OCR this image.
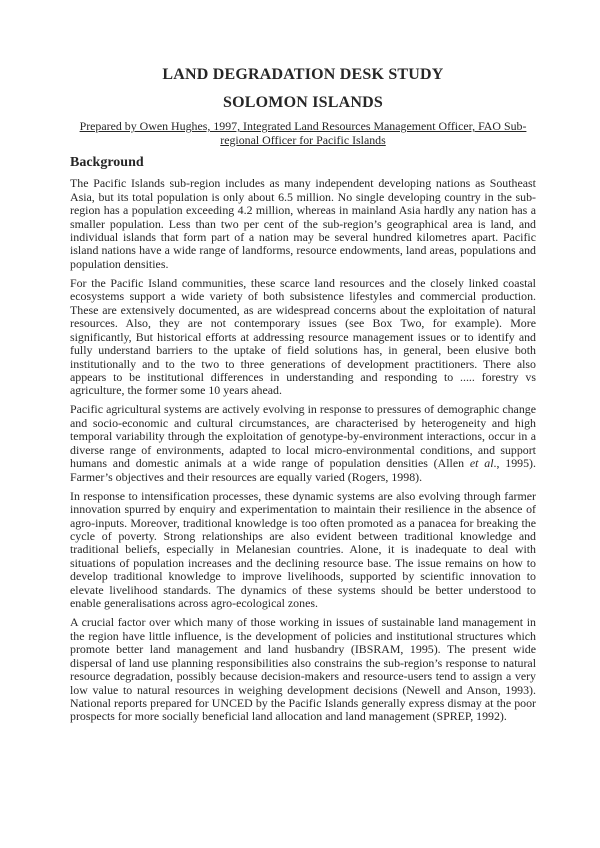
LAND DEGRADATION DESK STUDY
SOLOMON ISLANDS
Prepared by Owen Hughes, 1997, Integrated Land Resources Management Officer, FAO Sub-regional Officer for Pacific Islands
Background

The Pacific Islands sub-region includes as many independent developing nations as Southeast Asia, but its total population is only about 6.5 million. No single developing country in the sub-region has a population exceeding 4.2 million, whereas in mainland Asia hardly any nation has a smaller population. Less than two per cent of the sub-region’s geographical area is land, and individual islands that form part of a nation may be several hundred kilometres apart. Pacific island nations have a wide range of landforms, resource endowments, land areas, populations and population densities.

For the Pacific Island communities, these scarce land resources and the closely linked coastal ecosystems support a wide variety of both subsistence lifestyles and commercial production. These are extensively documented, as are widespread concerns about the exploitation of natural resources. Also, they are not contemporary issues (see Box Two, for example). More significantly, But historical efforts at addressing resource management issues or to identify and fully understand barriers to the uptake of field solutions has, in general, been elusive both institutionally and to the two to three generations of development practitioners. There also appears to be institutional differences in understanding and responding to ..... forestry vs agriculture, the former some 10 years ahead.

Pacific agricultural systems are actively evolving in response to pressures of demographic change and socio-economic and cultural circumstances, are characterised by heterogeneity and high temporal variability through the exploitation of genotype-by-environment interactions, occur in a diverse range of environments, adapted to local micro-environmental conditions, and support humans and domestic animals at a wide range of population densities (Allen et al., 1995). Farmer’s objectives and their resources are equally varied (Rogers, 1998).

In response to intensification processes, these dynamic systems are also evolving through farmer innovation spurred by enquiry and experimentation to maintain their resilience in the absence of agro-inputs. Moreover, traditional knowledge is too often promoted as a panacea for breaking the cycle of poverty. Strong relationships are also evident between traditional knowledge and traditional beliefs, especially in Melanesian countries. Alone, it is inadequate to deal with situations of population increases and the declining resource base. The issue remains on how to develop traditional knowledge to improve livelihoods, supported by scientific innovation to elevate livelihood standards. The dynamics of these systems should be better understood to enable generalisations across agro-ecological zones.

A crucial factor over which many of those working in issues of sustainable land management in the region have little influence, is the development of policies and institutional structures which promote better land management and land husbandry (IBSRAM, 1995). The present wide dispersal of land use planning responsibilities also constrains the sub-region’s response to natural resource degradation, possibly because decision-makers and resource-users tend to assign a very low value to natural resources in weighing development decisions (Newell and Anson, 1993). National reports prepared for UNCED by the Pacific Islands generally express dismay at the poor prospects for more socially beneficial land allocation and land management (SPREP, 1992).
